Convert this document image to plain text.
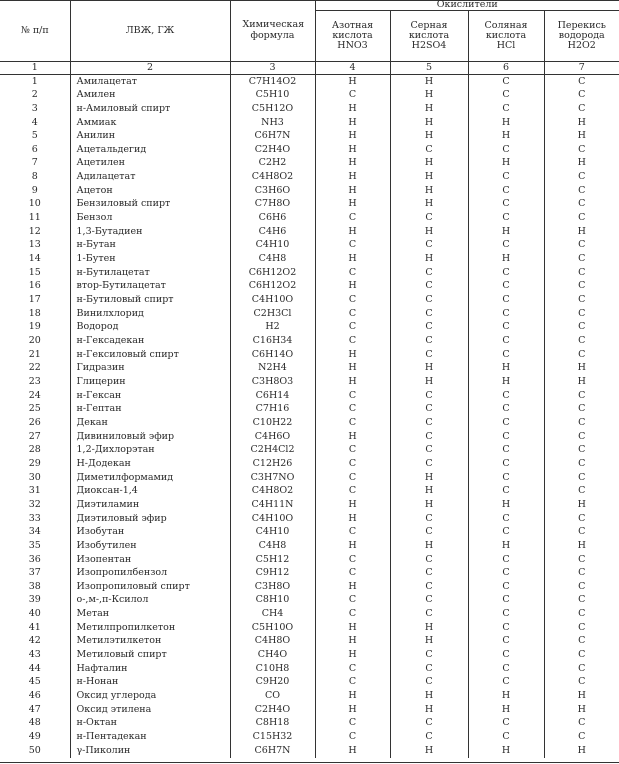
№ п/п	ЛВЖ, ГЖ	Химическая формула	Окислители			
			Азотная кислота HNO3	Серная кислота H2SO4	Соляная кислота HCl	Перекись водорода H2O2
1	2	3	4	5	6	7
1	Амилацетат	C7H14O2	Н	Н	С	С
2	Амилен	C5H10	С	Н	С	С
3	н-Амиловый спирт	C5H12O	Н	Н	С	С
4	Аммиак	NH3	Н	Н	Н	Н
5	Анилин	C6H7N	Н	Н	Н	Н
6	Ацетальдегид	C2H4O	Н	С	С	С
7	Ацетилен	C2H2	Н	Н	Н	Н
8	Адилацетат	C4H8O2	Н	Н	С	С
9	Ацетон	C3H6O	Н	Н	С	С
10	Бензиловый спирт	C7H8O	Н	Н	С	С
11	Бензол	C6H6	С	С	С	С
12	1,3-Бутадиен	C4H6	Н	Н	Н	Н
13	н-Бутан	C4H10	С	С	С	С
14	1-Бутен	C4H8	Н	Н	Н	С
15	н-Бутилацетат	C6H12O2	С	С	С	С
16	втор-Бутилацетат	C6H12O2	Н	С	С	С
17	н-Бутиловый спирт	C4H10O	С	С	С	С
18	Винилхлорид	C2H3Cl	С	С	С	С
19	Водород	H2	С	С	С	С
20	н-Гексадекан	C16H34	С	С	С	С
21	н-Гексиловый спирт	C6H14O	Н	С	С	С
22	Гидразин	N2H4	Н	Н	Н	Н
23	Глицерин	C3H8O3	Н	Н	Н	Н
24	н-Гексан	C6H14	С	С	С	С
25	н-Гептан	C7H16	С	С	С	С
26	Декан	C10H22	С	С	С	С
27	Дивиниловый эфир	C4H6O	Н	С	С	С
28	1,2-Дихлорэтан	C2H4Cl2	С	С	С	С
29	Н-Додекан	C12H26	С	С	С	С
30	Диметилформамид	C3H7NO	С	Н	С	С
31	Диоксан-1,4	C4H8O2	С	Н	С	С
32	Диэтиламин	C4H11N	Н	Н	Н	Н
33	Диэтиловый эфир	C4H10O	Н	С	С	С
34	Изобутан	C4H10	С	С	С	С
35	Изобутилен	C4H8	Н	Н	Н	Н
36	Изопентан	C5H12	С	С	С	С
37	Изопропилбензол	C9H12	С	С	С	С
38	Изопропиловый спирт	C3H8O	Н	С	С	С
39	о-,м-,п-Ксилол	C8H10	С	С	С	С
40	Метан	CH4	С	С	С	С
41	Метилпропилкетон	C5H10O	Н	Н	С	С
42	Метилэтилкетон	C4H8O	Н	Н	С	С
43	Метиловый спирт	CH4O	Н	С	С	С
44	Нафталин	C10H8	С	С	С	С
45	н-Нонан	C9H20	С	С	С	С
46	Оксид углерода	CO	Н	Н	Н	Н
47	Оксид этилена	C2H4O	Н	Н	Н	Н
48	н-Октан	C8H18	С	С	С	С
49	н-Пентадекан	C15H32	С	С	С	С
50	γ-Пиколин	C6H7N	Н	Н	Н	Н
